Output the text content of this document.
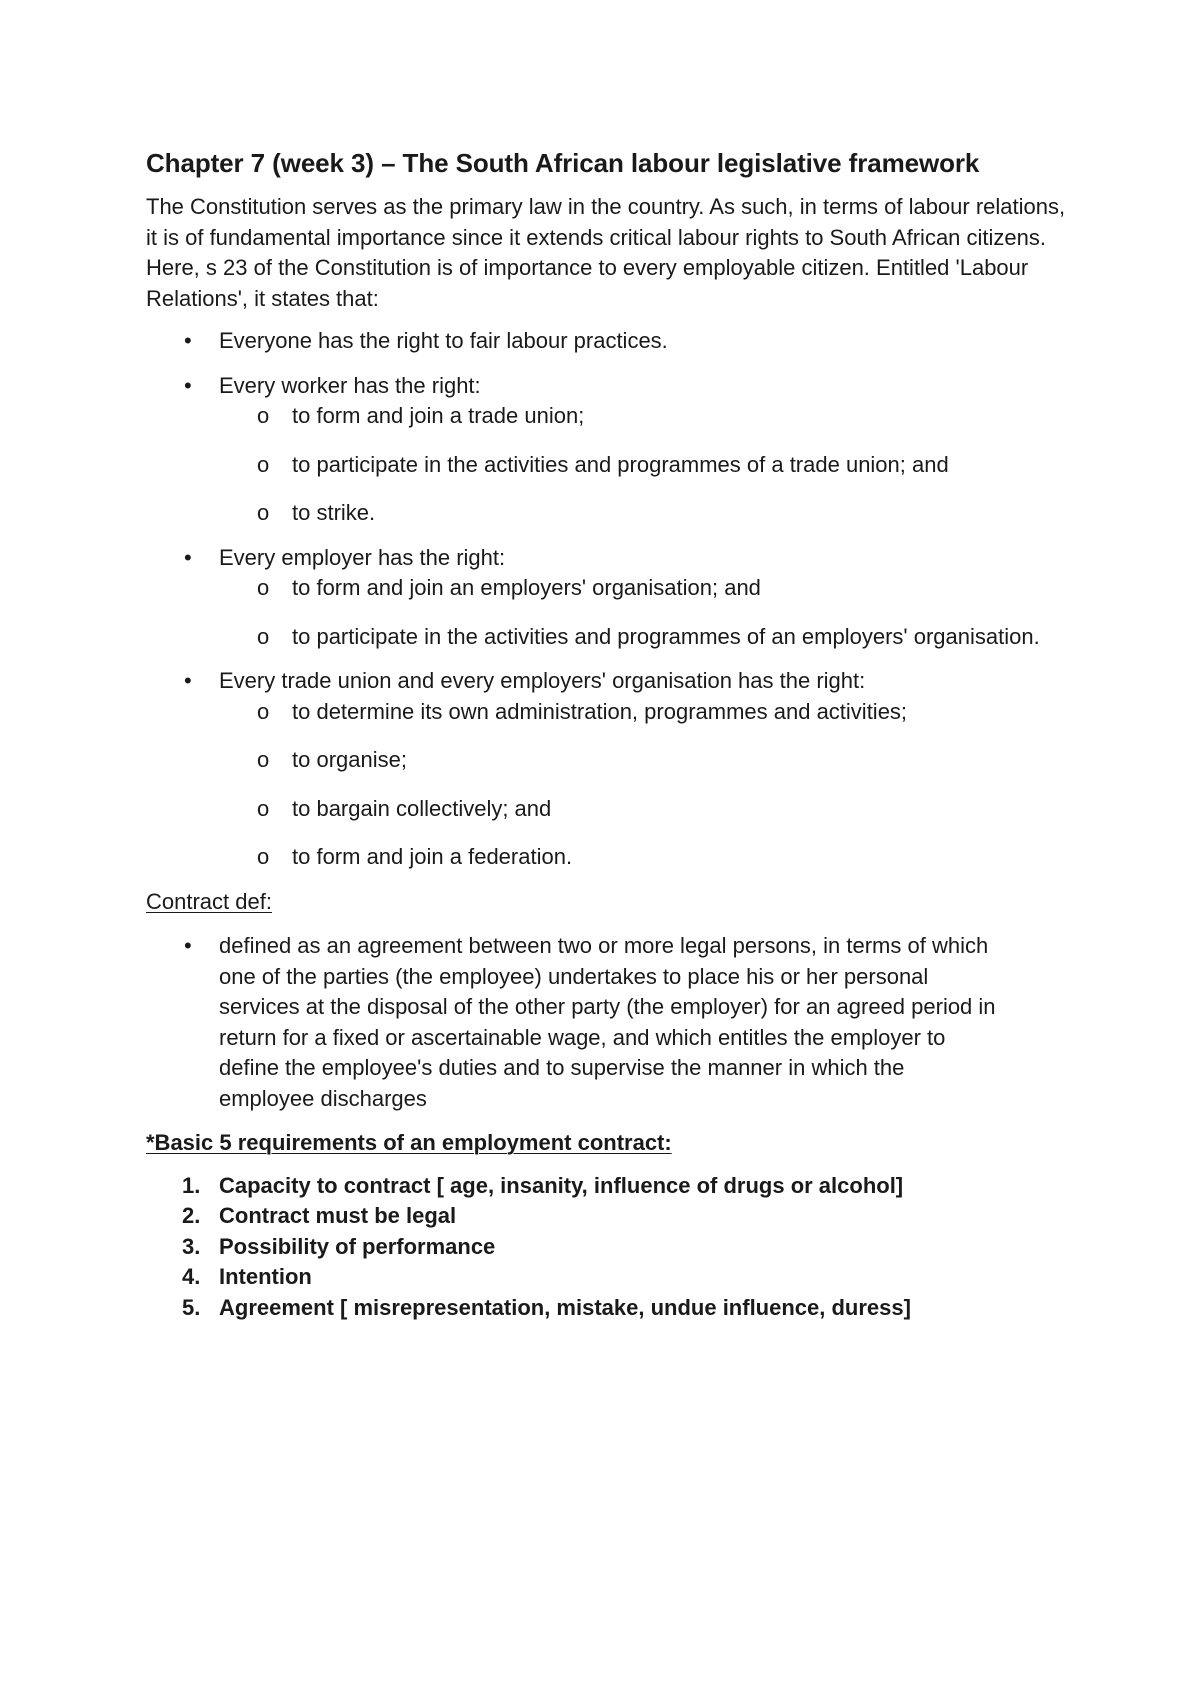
Chapter 7 (week 3) – The South African labour legislative framework

The Constitution serves as the primary law in the country. As such, in terms of labour relations, it is of fundamental importance since it extends critical labour rights to South African citizens. Here, s 23 of the Constitution is of importance to every employable citizen. Entitled 'Labour Relations', it states that:

• Everyone has the right to fair labour practices.
• Every worker has the right:
o to form and join a trade union;
o to participate in the activities and programmes of a trade union; and
o to strike.
• Every employer has the right:
o to form and join an employers' organisation; and
o to participate in the activities and programmes of an employers' organisation.
• Every trade union and every employers' organisation has the right:
o to determine its own administration, programmes and activities;
o to organise;
o to bargain collectively; and
o to form and join a federation.
Contract def:
• defined as an agreement between two or more legal persons, in terms of which one of the parties (the employee) undertakes to place his or her personal services at the disposal of the other party (the employer) for an agreed period in return for a fixed or ascertainable wage, and which entitles the employer to define the employee's duties and to supervise the manner in which the employee discharges
*Basic 5 requirements of an employment contract:
1. Capacity to contract [ age, insanity, influence of drugs or alcohol]
2. Contract must be legal
3. Possibility of performance
4. Intention
5. Agreement [ misrepresentation, mistake, undue influence, duress]
